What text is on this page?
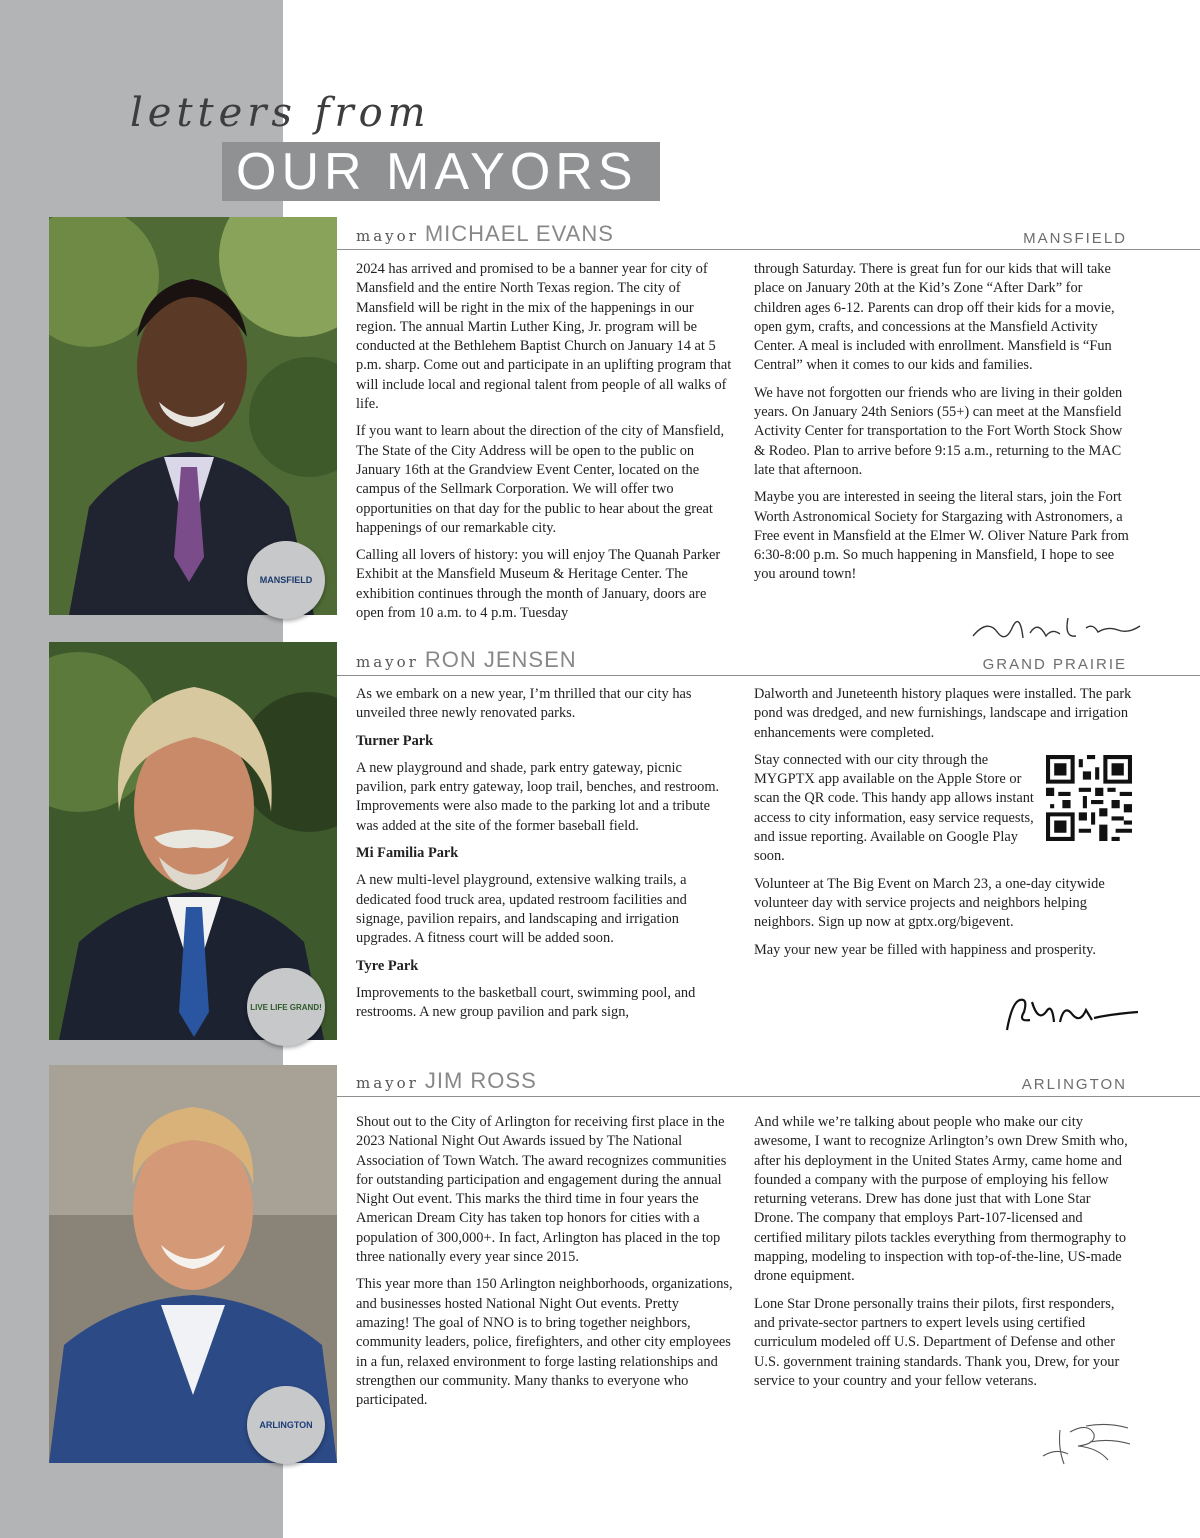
letters from
OUR MAYORS
MANSFIELD
mayor MICHAEL EVANS	MANSFIELD

2024 has arrived and promised to be a banner year for city of Mansfield and the entire North Texas region. The city of Mansfield will be right in the mix of the happenings in our region. The annual Martin Luther King, Jr. program will be conducted at the Bethlehem Baptist Church on January 14 at 5 p.m. sharp. Come out and participate in an uplifting program that will include local and regional talent from people of all walks of life.

If you want to learn about the direction of the city of Mansfield, The State of the City Address will be open to the public on January 16th at the Grandview Event Center, located on the campus of the Sellmark Corporation. We will offer two opportunities on that day for the public to hear about the great happenings of our remarkable city.

Calling all lovers of history: you will enjoy The Quanah Parker Exhibit at the Mansfield Museum & Heritage Center. The exhibition continues through the month of January, doors are open from 10 a.m. to 4 p.m. Tuesday

through Saturday. There is great fun for our kids that will take place on January 20th at the Kid’s Zone “After Dark” for children ages 6-12. Parents can drop off their kids for a movie, open gym, crafts, and concessions at the Mansfield Activity Center. A meal is included with enrollment. Mansfield is “Fun Central” when it comes to our kids and families.

We have not forgotten our friends who are living in their golden years. On January 24th Seniors (55+) can meet at the Mansfield Activity Center for transportation to the Fort Worth Stock Show & Rodeo. Plan to arrive before 9:15 a.m., returning to the MAC late that afternoon.

Maybe you are interested in seeing the literal stars, join the Fort Worth Astronomical Society for Stargazing with Astronomers, a Free event in Mansfield at the Elmer W. Oliver Nature Park from 6:30-8:00 p.m. So much happening in Mansfield, I hope to see you around town!

LIVE LIFE GRAND!
mayor RON JENSEN	GRAND PRAIRIE

As we embark on a new year, I’m thrilled that our city has unveiled three newly renovated parks.

Turner Park

A new playground and shade, park entry gateway, picnic pavilion, park entry gateway, loop trail, benches, and restroom. Improvements were also made to the parking lot and a tribute was added at the site of the former baseball field.

Mi Familia Park

A new multi-level playground, extensive walking trails, a dedicated food truck area, updated restroom facilities and signage, pavilion repairs, and landscaping and irrigation upgrades. A fitness court will be added soon.

Tyre Park

Improvements to the basketball court, swimming pool, and restrooms. A new group pavilion and park sign,

Dalworth and Juneteenth history plaques were installed. The park pond was dredged, and new furnishings, landscape and irrigation enhancements were completed.

Stay connected with our city through the MYGPTX app available on the Apple Store or scan the QR code. This handy app allows instant access to city information, easy service requests, and issue reporting. Available on Google Play soon.

Volunteer at The Big Event on March 23, a one-day citywide volunteer day with service projects and neighbors helping neighbors. Sign up now at gptx.org/bigevent.

May your new year be filled with happiness and prosperity.

ARLINGTON
mayor JIM ROSS	ARLINGTON

Shout out to the City of Arlington for receiving first place in the 2023 National Night Out Awards issued by The National Association of Town Watch. The award recognizes communities for outstanding participation and engagement during the annual Night Out event. This marks the third time in four years the American Dream City has taken top honors for cities with a population of 300,000+. In fact, Arlington has placed in the top three nationally every year since 2015.

This year more than 150 Arlington neighborhoods, organizations, and businesses hosted National Night Out events. Pretty amazing! The goal of NNO is to bring together neighbors, community leaders, police, firefighters, and other city employees in a fun, relaxed environment to forge lasting relationships and strengthen our community. Many thanks to everyone who participated.

And while we’re talking about people who make our city awesome, I want to recognize Arlington’s own Drew Smith who, after his deployment in the United States Army, came home and founded a company with the purpose of employing his fellow returning veterans. Drew has done just that with Lone Star Drone. The company that employs Part-107-licensed and certified military pilots tackles everything from thermography to mapping, modeling to inspection with top-of-the-line, US-made drone equipment.

Lone Star Drone personally trains their pilots, first responders, and private-sector partners to expert levels using certified curriculum modeled off U.S. Department of Defense and other U.S. government training standards. Thank you, Drew, for your service to your country and your fellow veterans.
